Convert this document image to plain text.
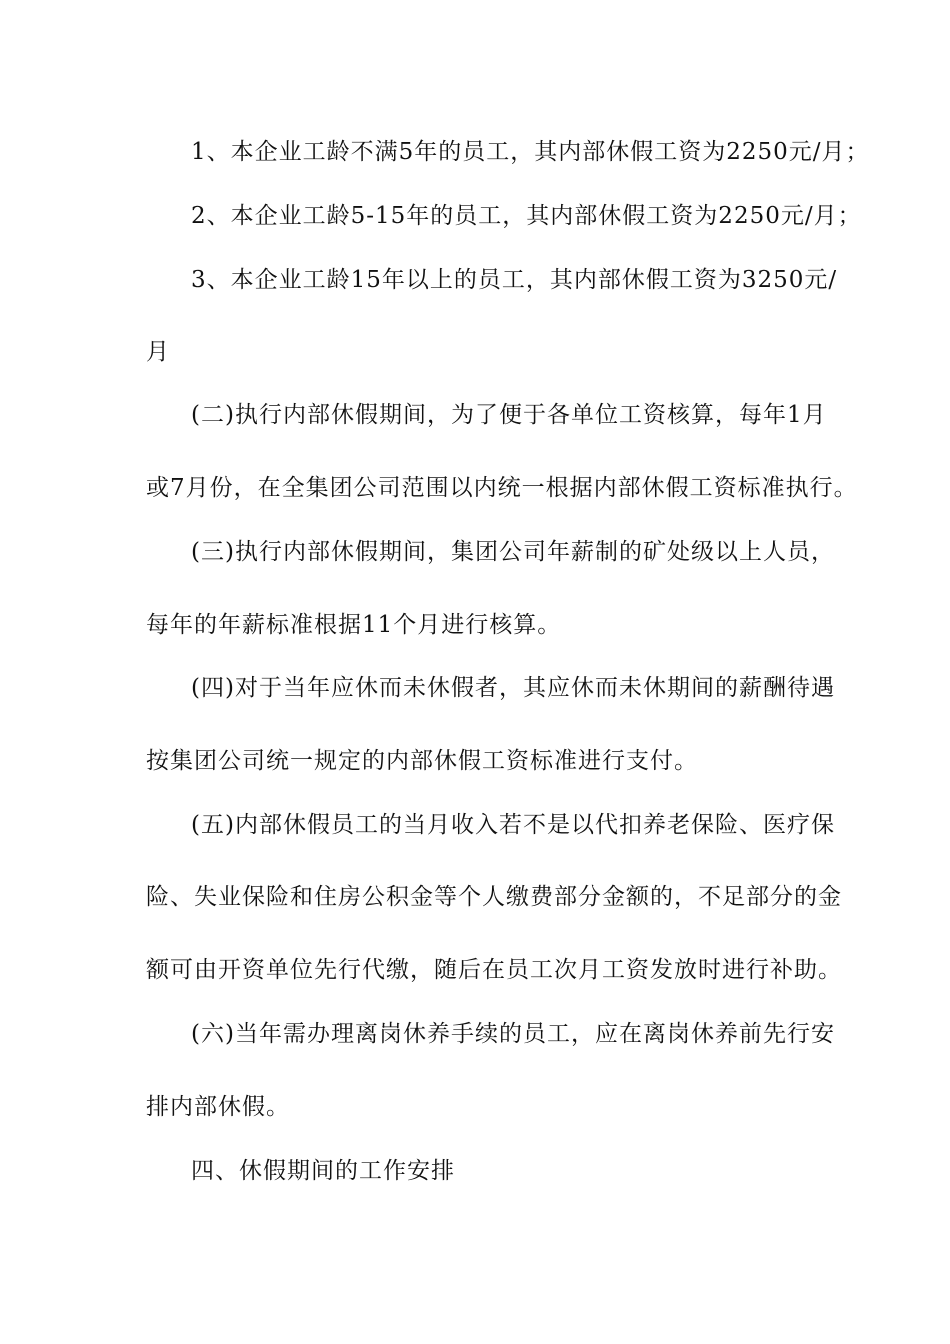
1、本企业工龄不满5年的员工，其内部休假工资为2250元/月；
2、本企业工龄5-15年的员工，其内部休假工资为2250元/月；
3、本企业工龄15年以上的员工，其内部休假工资为3250元/
月
(二)执行内部休假期间，为了便于各单位工资核算，每年1月
或7月份，在全集团公司范围以内统一根据内部休假工资标准执行。
(三)执行内部休假期间，集团公司年薪制的矿处级以上人员，
每年的年薪标准根据11个月进行核算。
(四)对于当年应休而未休假者，其应休而未休期间的薪酬待遇
按集团公司统一规定的内部休假工资标准进行支付。
(五)内部休假员工的当月收入若不是以代扣养老保险、医疗保
险、失业保险和住房公积金等个人缴费部分金额的，不足部分的金
额可由开资单位先行代缴，随后在员工次月工资发放时进行补助。
(六)当年需办理离岗休养手续的员工，应在离岗休养前先行安
排内部休假。
四、休假期间的工作安排
